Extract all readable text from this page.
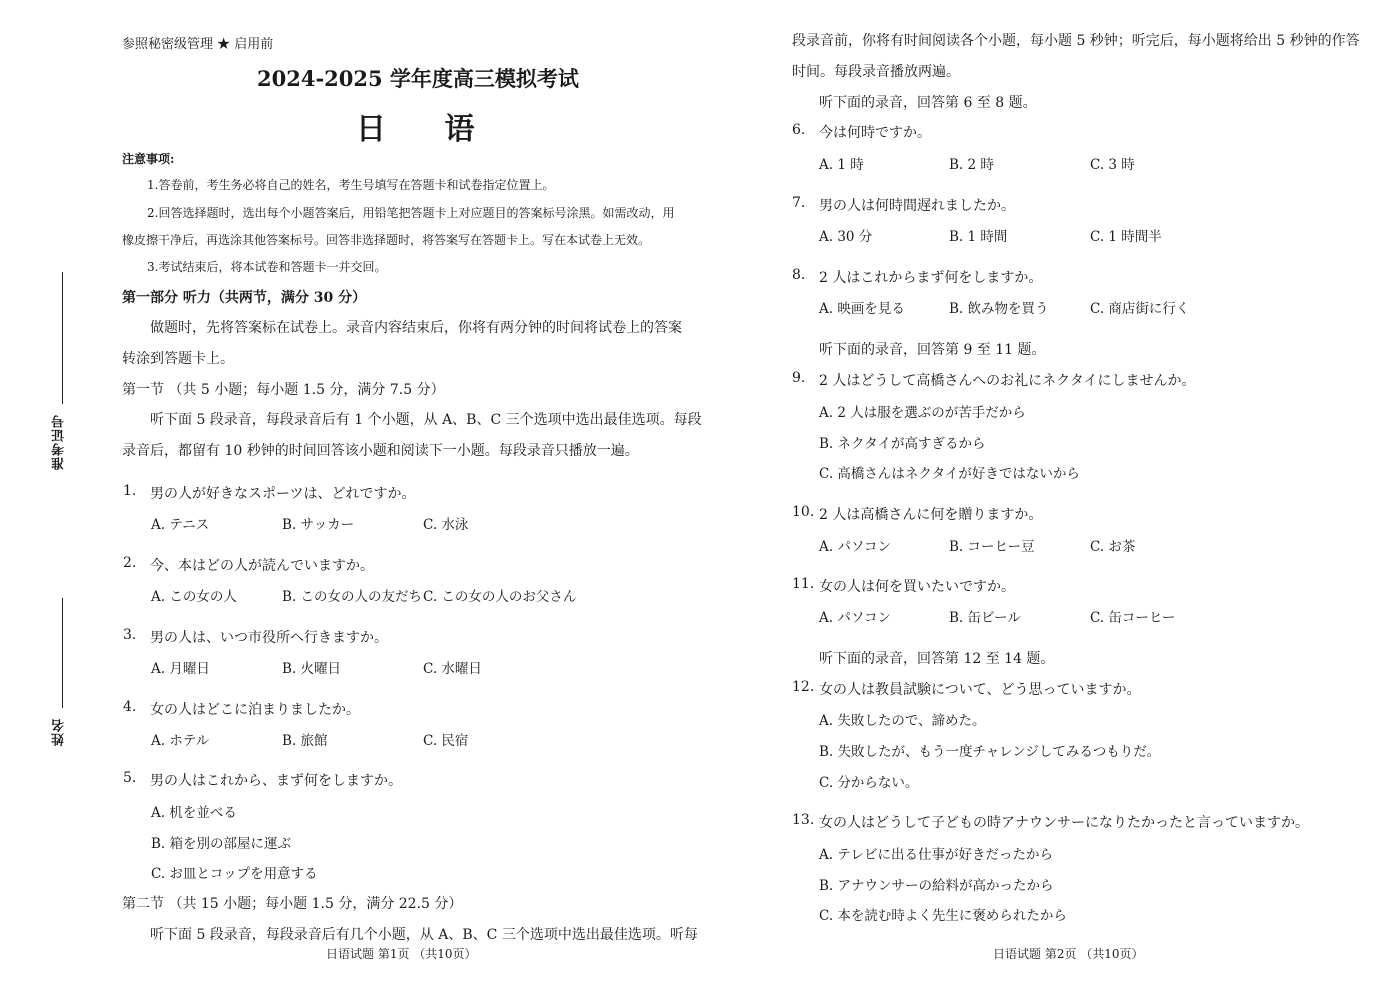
准考证号
姓名
参照秘密级管理 ★ 启用前
2024-2025 学年度高三模拟考试
日 语
注意事项:
1.答卷前，考生务必将自己的姓名，考生号填写在答题卡和试卷指定位置上。
2.回答选择题时，选出每个小题答案后，用铅笔把答题卡上对应题目的答案标号涂黑。如需改动，用
橡皮擦干净后，再选涂其他答案标号。回答非选择题时，将答案写在答题卡上。写在本试卷上无效。
3.考试结束后，将本试卷和答题卡一并交回。
第一部分 听力（共两节，满分 30 分）
做题时，先将答案标在试卷上。录音内容结束后，你将有两分钟的时间将试卷上的答案
转涂到答题卡上。
第一节 （共 5 小题；每小题 1.5 分，满分 7.5 分）
听下面 5 段录音，每段录音后有 1 个小题，从 A、B、C 三个选项中选出最佳选项。每段
录音后，都留有 10 秒钟的时间回答该小题和阅读下一小题。每段录音只播放一遍。
1. 男の人が好きなスポーツは、どれですか。
A. テニス	B. サッカー	C. 水泳
2. 今、本はどの人が読んでいますか。
A. この女の人	B. この女の人の友だち C. この女の人のお父さん
3. 男の人は、いつ市役所へ行きますか。
A. 月曜日	B. 火曜日	C. 水曜日
4. 女の人はどこに泊まりましたか。
A. ホテル	B. 旅館	C. 民宿
5. 男の人はこれから、まず何をしますか。
A. 机を並べる
B. 箱を別の部屋に運ぶ
C. お皿とコップを用意する
第二节 （共 15 小题；每小题 1.5 分，满分 22.5 分）
听下面 5 段录音，每段录音后有几个小题，从 A、B、C 三个选项中选出最佳选项。听每
日语试题 第1页 （共10页）
段录音前，你将有时间阅读各个小题，每小题 5 秒钟；听完后，每小题将给出 5 秒钟的作答
时间。每段录音播放两遍。
听下面的录音，回答第 6 至 8 题。
6. 今は何時ですか。
A. 1 時	B. 2 時	C. 3 時
7. 男の人は何時間遅れましたか。
A. 30 分	B. 1 時間	C. 1 時間半
8. 2 人はこれからまず何をしますか。
A. 映画を見る	B. 飲み物を買う	C. 商店街に行く
听下面的录音，回答第 9 至 11 题。
9. 2 人はどうして高橋さんへのお礼にネクタイにしませんか。
A. 2 人は服を選ぶのが苦手だから
B. ネクタイが高すぎるから
C. 高橋さんはネクタイが好きではないから
10. 2 人は高橋さんに何を贈りますか。
A. パソコン	B. コーヒー豆	C. お茶
11. 女の人は何を買いたいですか。
A. パソコン	B. 缶ビール	C. 缶コーヒー
听下面的录音，回答第 12 至 14 题。
12. 女の人は教員試験について、どう思っていますか。
A. 失敗したので、諦めた。
B. 失敗したが、もう一度チャレンジしてみるつもりだ。
C. 分からない。
13. 女の人はどうして子どもの時アナウンサーになりたかったと言っていますか。
A. テレビに出る仕事が好きだったから
B. アナウンサーの給料が高かったから
C. 本を読む時よく先生に褒められたから
日语试题 第2页 （共10页）
